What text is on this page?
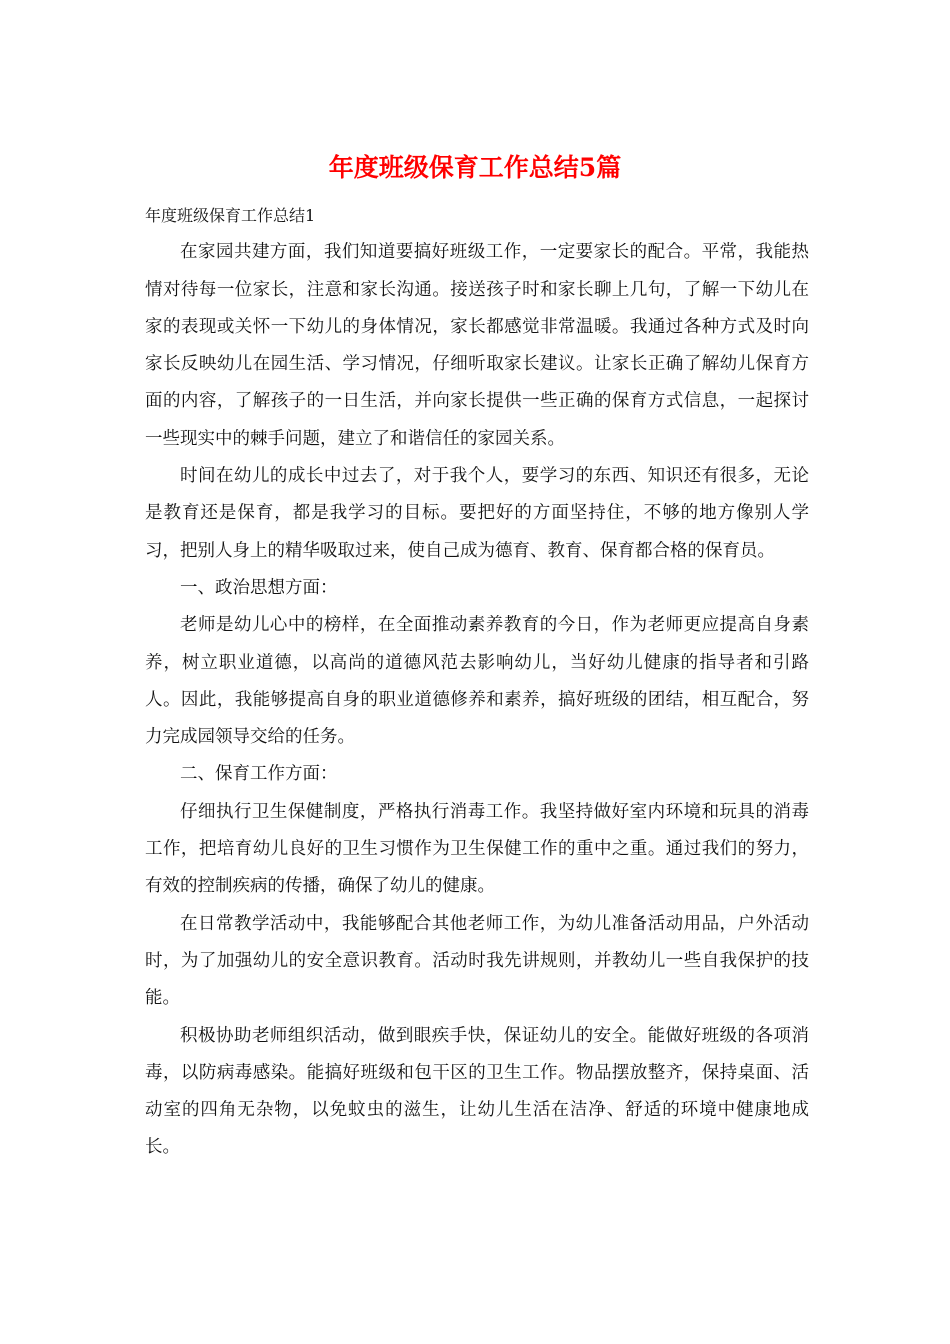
年度班级保育工作总结5篇

年度班级保育工作总结1

在家园共建方面，我们知道要搞好班级工作，一定要家长的配合。平常，我能热情对待每一位家长，注意和家长沟通。接送孩子时和家长聊上几句，了解一下幼儿在家的表现或关怀一下幼儿的身体情况，家长都感觉非常温暖。我通过各种方式及时向家长反映幼儿在园生活、学习情况，仔细听取家长建议。让家长正确了解幼儿保育方面的内容，了解孩子的一日生活，并向家长提供一些正确的保育方式信息，一起探讨一些现实中的棘手问题，建立了和谐信任的家园关系。

时间在幼儿的成长中过去了，对于我个人，要学习的东西、知识还有很多，无论是教育还是保育，都是我学习的目标。要把好的方面坚持住，不够的地方像别人学习，把别人身上的精华吸取过来，使自己成为德育、教育、保育都合格的保育员。

一、政治思想方面：

老师是幼儿心中的榜样，在全面推动素养教育的今日，作为老师更应提高自身素养，树立职业道德，以高尚的道德风范去影响幼儿，当好幼儿健康的指导者和引路人。因此，我能够提高自身的职业道德修养和素养，搞好班级的团结，相互配合，努力完成园领导交给的任务。

二、保育工作方面：

仔细执行卫生保健制度，严格执行消毒工作。我坚持做好室内环境和玩具的消毒工作，把培育幼儿良好的卫生习惯作为卫生保健工作的重中之重。通过我们的努力，有效的控制疾病的传播，确保了幼儿的健康。

在日常教学活动中，我能够配合其他老师工作，为幼儿准备活动用品，户外活动时，为了加强幼儿的安全意识教育。活动时我先讲规则，并教幼儿一些自我保护的技能。

积极协助老师组织活动，做到眼疾手快，保证幼儿的安全。能做好班级的各项消毒，以防病毒感染。能搞好班级和包干区的卫生工作。物品摆放整齐，保持桌面、活动室的四角无杂物，以免蚊虫的滋生，让幼儿生活在洁净、舒适的环境中健康地成长。
